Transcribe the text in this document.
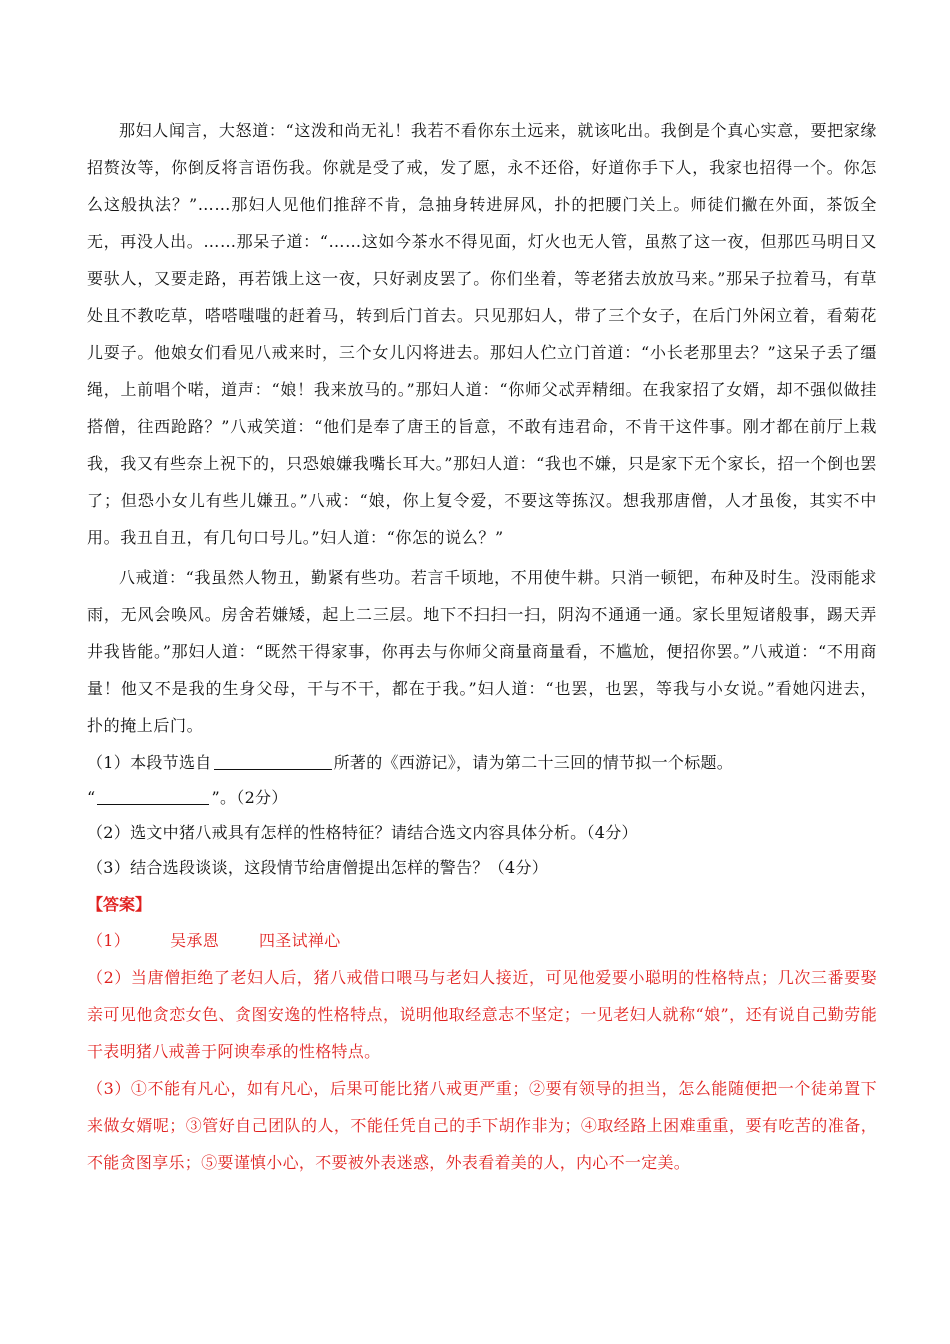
那妇人闻言，大怒道：“这泼和尚无礼！我若不看你东土远来，就该叱出。我倒是个真心实意，要把家缘招赘汝等，你倒反将言语伤我。你就是受了戒，发了愿，永不还俗，好道你手下人，我家也招得一个。你怎么这般执法？”……那妇人见他们推辞不肯，急抽身转进屏风，扑的把腰门关上。师徒们撇在外面，茶饭全无，再没人出。……那呆子道：“……这如今茶水不得见面，灯火也无人管，虽熬了这一夜，但那匹马明日又要驮人，又要走路，再若饿上这一夜，只好剥皮罢了。你们坐着，等老猪去放放马来。”那呆子拉着马，有草处且不教吃草，嗒嗒嗤嗤的赶着马，转到后门首去。只见那妇人，带了三个女子，在后门外闲立着，看菊花儿耍子。他娘女们看见八戒来时，三个女儿闪将进去。那妇人伫立门首道：“小长老那里去？”这呆子丢了缰绳，上前唱个喏，道声：“娘！我来放马的。”那妇人道：“你师父忒弄精细。在我家招了女婿，却不强似做挂搭僧，往西跄路？”八戒笑道：“他们是奉了唐王的旨意，不敢有违君命，不肯干这件事。刚才都在前厅上栽我，我又有些奈上祝下的，只恐娘嫌我嘴长耳大。”那妇人道：“我也不嫌，只是家下无个家长，招一个倒也罢了；但恐小女儿有些儿嫌丑。”八戒：“娘，你上复令爱，不要这等拣汉。想我那唐僧，人才虽俊，其实不中用。我丑自丑，有几句口号儿。”妇人道：“你怎的说么？”

八戒道：“我虽然人物丑，勤紧有些功。若言千顷地，不用使牛耕。只消一顿钯，布种及时生。没雨能求雨，无风会唤风。房舍若嫌矮，起上二三层。地下不扫扫一扫，阴沟不通通一通。家长里短诸般事，踢天弄井我皆能。”那妇人道：“既然干得家事，你再去与你师父商量商量看，不尴尬，便招你罢。”八戒道：“不用商量！他又不是我的生身父母，干与不干，都在于我。”妇人道：“也罢，也罢，等我与小女说。”看她闪进去，扑的掩上后门。

（1）本段节选自	所著的《西游记》，请为第二十三回的情节拟一个标题。

“	”。（2分）

（2）选文中猪八戒具有怎样的性格特征？请结合选文内容具体分析。（4分）

（3）结合选段谈谈，这段情节给唐僧提出怎样的警告？（4分）

【答案】

（1）	吴承恩	四圣试禅心

（2）当唐僧拒绝了老妇人后，猪八戒借口喂马与老妇人接近，可见他爱要小聪明的性格特点；几次三番要娶亲可见他贪恋女色、贪图安逸的性格特点，说明他取经意志不坚定；一见老妇人就称“娘”，还有说自己勤劳能干表明猪八戒善于阿谀奉承的性格特点。

（3）①不能有凡心，如有凡心，后果可能比猪八戒更严重；②要有领导的担当，怎么能随便把一个徒弟置下来做女婿呢；③管好自己团队的人，不能任凭自己的手下胡作非为；④取经路上困难重重，要有吃苦的准备，不能贪图享乐；⑤要谨慎小心，不要被外表迷惑，外表看着美的人，内心不一定美。
